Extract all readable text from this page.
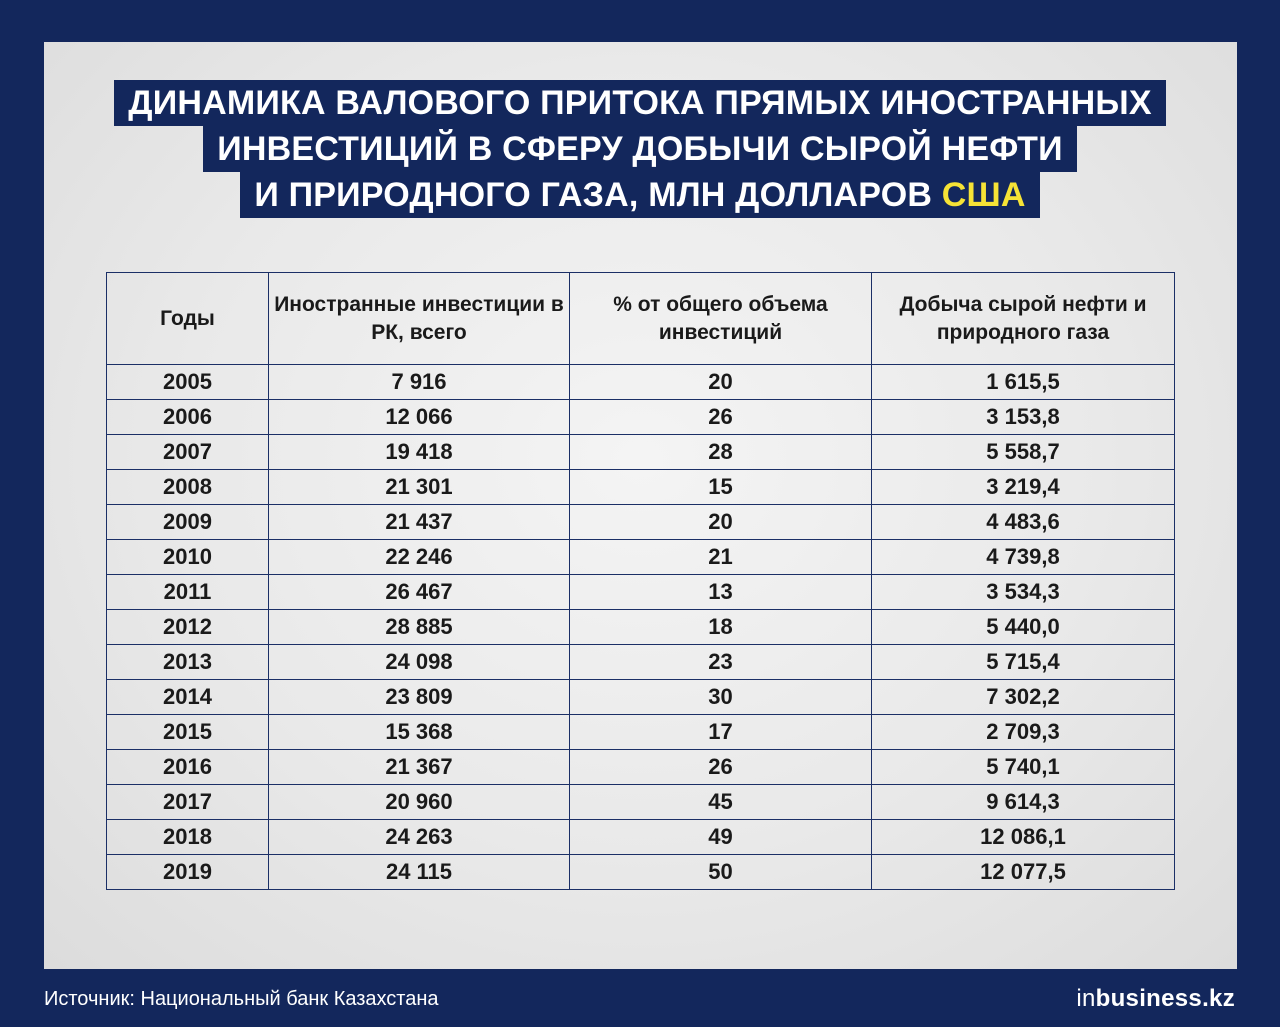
ДИНАМИКА ВАЛОВОГО ПРИТОКА ПРЯМЫХ ИНОСТРАННЫХ
ИНВЕСТИЦИЙ В СФЕРУ ДОБЫЧИ СЫРОЙ НЕФТИ
И ПРИРОДНОГО ГАЗА, МЛН ДОЛЛАРОВ США
Годы	Иностранные инвестиции в РК, всего	% от общего объема инвестиций	Добыча сырой нефти и природного газа
2005	7 916	20	1 615,5
2006	12 066	26	3 153,8
2007	19 418	28	5 558,7
2008	21 301	15	3 219,4
2009	21 437	20	4 483,6
2010	22 246	21	4 739,8
2011	26 467	13	3 534,3
2012	28 885	18	5 440,0
2013	24 098	23	5 715,4
2014	23 809	30	7 302,2
2015	15 368	17	2 709,3
2016	21 367	26	5 740,1
2017	20 960	45	9 614,3
2018	24 263	49	12 086,1
2019	24 115	50	12 077,5
Источник: Национальный банк Казахстана	inbusiness.kz
